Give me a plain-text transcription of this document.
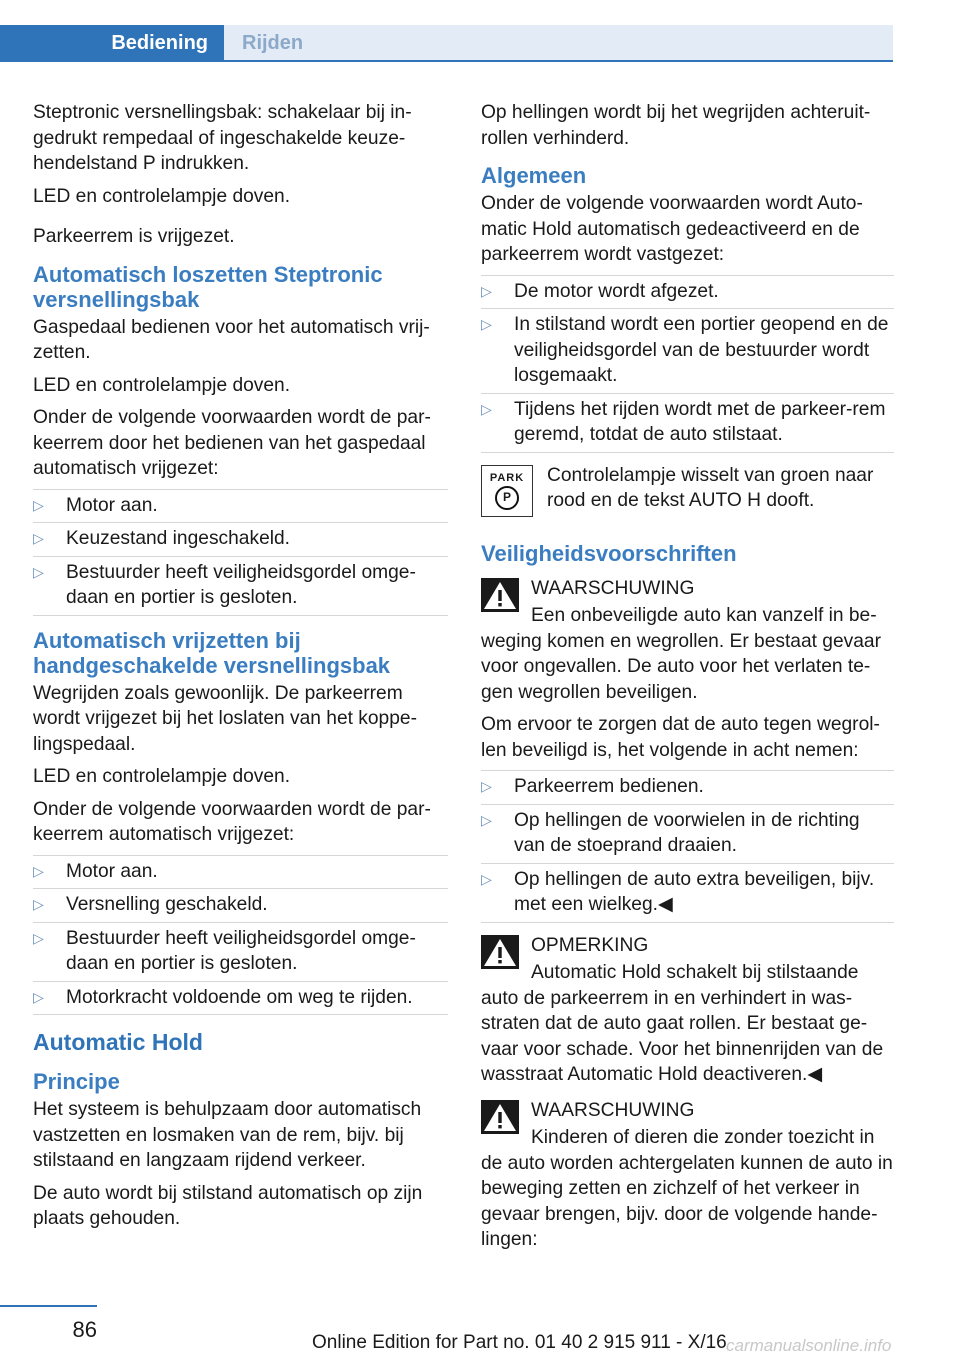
Bediening	Rijden

Steptronic versnellingsbak: schakelaar bij in‐gedrukt rempedaal of ingeschakelde keuze‐hendelstand P indrukken.

LED en controlelampje doven.

Parkeerrem is vrijgezet.

Automatisch loszetten Steptronic versnellingsbak

Gaspedaal bedienen voor het automatisch vrij‐zetten.

LED en controlelampje doven.

Onder de volgende voorwaarden wordt de par‐keerrem door het bedienen van het gaspedaal automatisch vrijgezet:

▷ Motor aan.
▷ Keuzestand ingeschakeld.
▷ Bestuurder heeft veiligheidsgordel omge‐daan en portier is gesloten.
Automatisch vrijzetten bij handgeschakelde versnellingsbak

Wegrijden zoals gewoonlijk. De parkeerrem wordt vrijgezet bij het loslaten van het koppe‐lingspedaal.

LED en controlelampje doven.

Onder de volgende voorwaarden wordt de par‐keerrem automatisch vrijgezet:

▷ Motor aan.
▷ Versnelling geschakeld.
▷ Bestuurder heeft veiligheidsgordel omge‐daan en portier is gesloten.
▷ Motorkracht voldoende om weg te rijden.
Automatic Hold
Principe

Het systeem is behulpzaam door automatisch vastzetten en losmaken van de rem, bijv. bij stilstaand en langzaam rijdend verkeer.

De auto wordt bij stilstand automatisch op zijn plaats gehouden.

Op hellingen wordt bij het wegrijden achteruit‐rollen verhinderd.

Algemeen

Onder de volgende voorwaarden wordt Auto‐matic Hold automatisch gedeactiveerd en de parkeerrem wordt vastgezet:

▷ De motor wordt afgezet.
▷ In stilstand wordt een portier geopend en de veiligheidsgordel van de bestuurder wordt losgemaakt.
▷ Tijdens het rijden wordt met de parkeer‐rem geremd, totdat de auto stilstaat.
PARK
P
Controlelampje wisselt van groen naar rood en de tekst AUTO H dooft.
Veiligheidsvoorschriften
WAARSCHUWING

Een onbeveiligde auto kan vanzelf in be‐weging komen en wegrollen. Er bestaat gevaar voor ongevallen. De auto voor het verlaten te‐gen wegrollen beveiligen.

Om ervoor te zorgen dat de auto tegen wegrol‐len beveiligd is, het volgende in acht nemen:

▷ Parkeerrem bedienen.
▷ Op hellingen de voorwielen in de richting van de stoeprand draaien.
▷ Op hellingen de auto extra beveiligen, bijv. met een wielkeg.◀
OPMERKING

Automatic Hold schakelt bij stilstaande auto de parkeerrem in en verhindert in was‐straten dat de auto gaat rollen. Er bestaat ge‐vaar voor schade. Voor het binnenrijden van de wasstraat Automatic Hold deactiveren.◀

WAARSCHUWING

Kinderen of dieren die zonder toezicht in de auto worden achtergelaten kunnen de auto in beweging zetten en zichzelf of het verkeer in gevaar brengen, bijv. door de volgende hande‐lingen:

86
Online Edition for Part no. 01 40 2 915 911 - X/16 carmanualsonline.info
